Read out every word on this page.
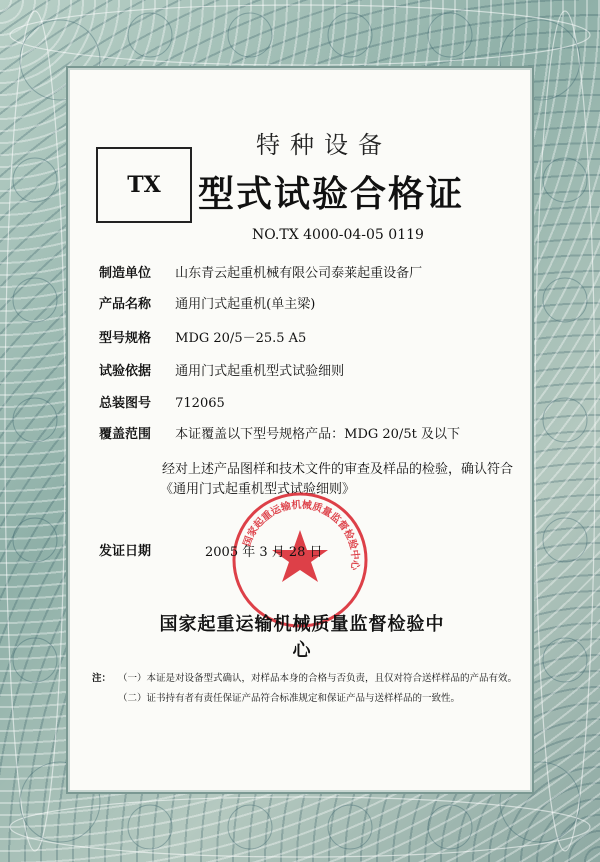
TX
特种设备
型式试验合格证
NO.TX 4000-04-05 0119
制造单位 山东青云起重机械有限公司泰莱起重设备厂
产品名称 通用门式起重机(单主梁)
型号规格 MDG 20/5－25.5 A5
试验依据 通用门式起重机型式试验细则
总装图号 712065
覆盖范围 本证覆盖以下型号规格产品：MDG 20/5t 及以下
经对上述产品图样和技术文件的审查及样品的检验，确认符合
《通用门式起重机型式试验细则》
国家起重运输机械质量监督检验中心
发证日期	2005 年 3 月 28 日
国家起重运输机械质量监督检验中心
注： （一）本证是对设备型式确认，对样品本身的合格与否负责，且仅对符合送样样品的产品有效。
（二）证书持有者有责任保证产品符合标准规定和保证产品与送样样品的一致性。
